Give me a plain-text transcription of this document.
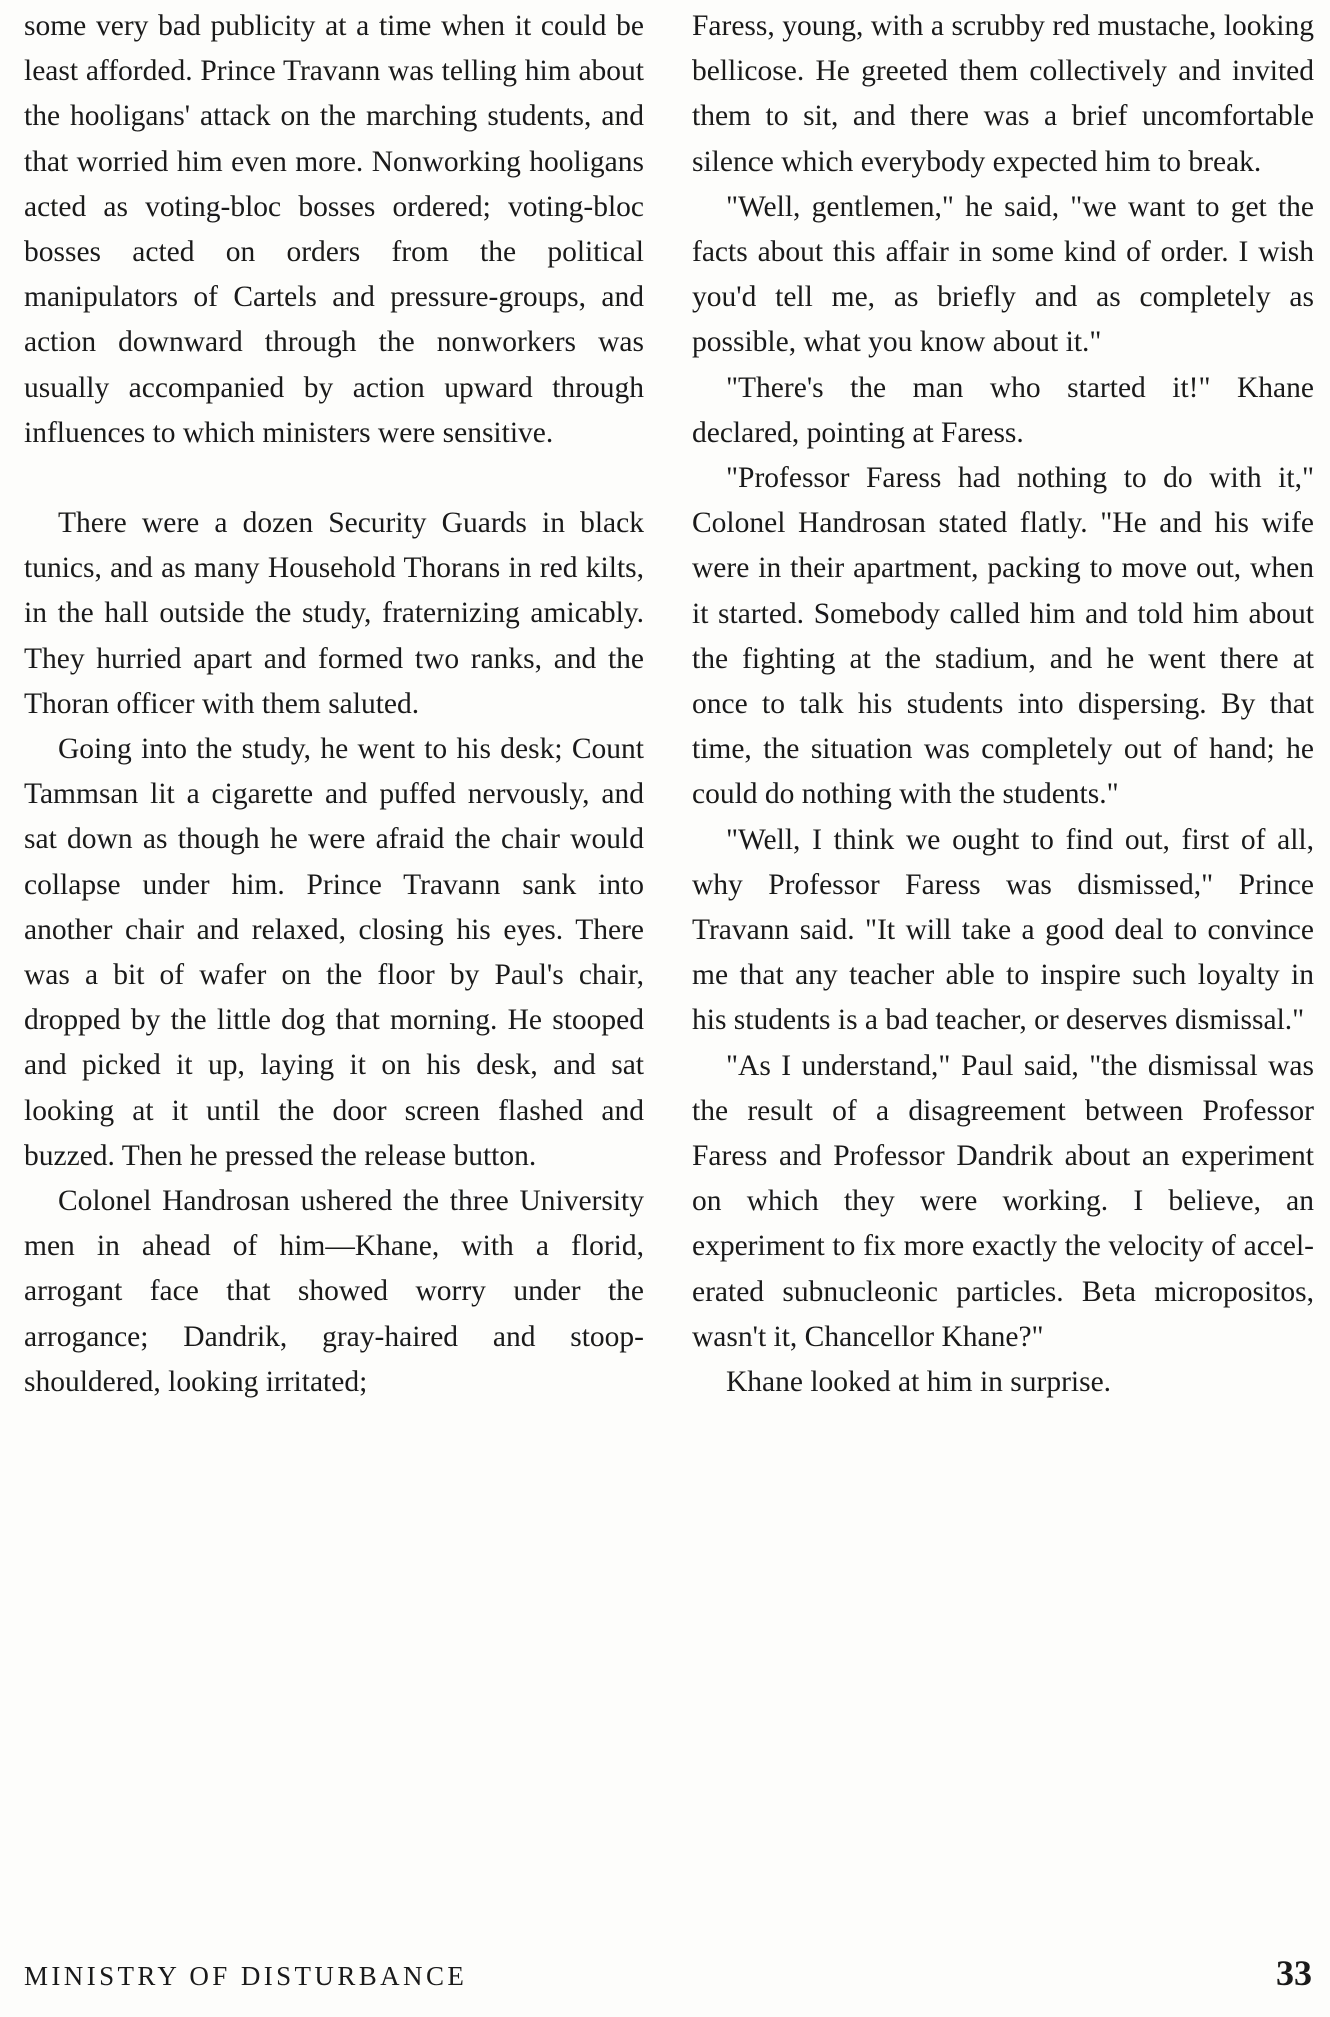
some very bad publicity at a time when it could be least afforded. Prince Travann was telling him about the hooligans' attack on the marching students, and that worried him even more. Nonworking hooligans acted as voting-bloc bosses ordered; voting-bloc bosses acted on orders from the political manipulators of Cartels and pressure-groups, and action downward through the nonworkers was usually accompanied by action upward through influences to which ministers were sensitive.

There were a dozen Security Guards in black tunics, and as many Household Thorans in red kilts, in the hall outside the study, fraternizing amicably. They hurried apart and formed two ranks, and the Thoran officer with them saluted.

Going into the study, he went to his desk; Count Tammsan lit a cigarette and puffed nervously, and sat down as though he were afraid the chair would collapse under him. Prince Travann sank into another chair and relaxed, closing his eyes. There was a bit of wafer on the floor by Paul's chair, dropped by the little dog that morning. He stooped and picked it up, laying it on his desk, and sat looking at it until the door screen flashed and buzzed. Then he pressed the release button.

Colonel Handrosan ushered the three University men in ahead of him—Khane, with a florid, arrogant face that showed worry under the arrogance; Dandrik, gray-haired and stoop-shouldered, looking irritated;

Faress, young, with a scrubby red mustache, looking bellicose. He greeted them collectively and invited them to sit, and there was a brief uncomfortable silence which everybody expected him to break.

"Well, gentlemen," he said, "we want to get the facts about this affair in some kind of order. I wish you'd tell me, as briefly and as completely as possible, what you know about it."

"There's the man who started it!" Khane declared, pointing at Faress.

"Professor Faress had nothing to do with it," Colonel Handrosan stated flatly. "He and his wife were in their apartment, packing to move out, when it started. Somebody called him and told him about the fighting at the stadium, and he went there at once to talk his students into dispersing. By that time, the situation was completely out of hand; he could do nothing with the students."

"Well, I think we ought to find out, first of all, why Professor Faress was dismissed," Prince Travann said. "It will take a good deal to convince me that any teacher able to inspire such loyalty in his students is a bad teacher, or deserves dismissal."

"As I understand," Paul said, "the dismissal was the result of a disagreement between Professor Faress and Professor Dandrik about an experiment on which they were working. I believe, an experiment to fix more exactly the velocity of accelerated subnucleonic particles. Beta micropositos, wasn't it, Chancellor Khane?"

Khane looked at him in surprise.

MINISTRY OF DISTURBANCE	33
